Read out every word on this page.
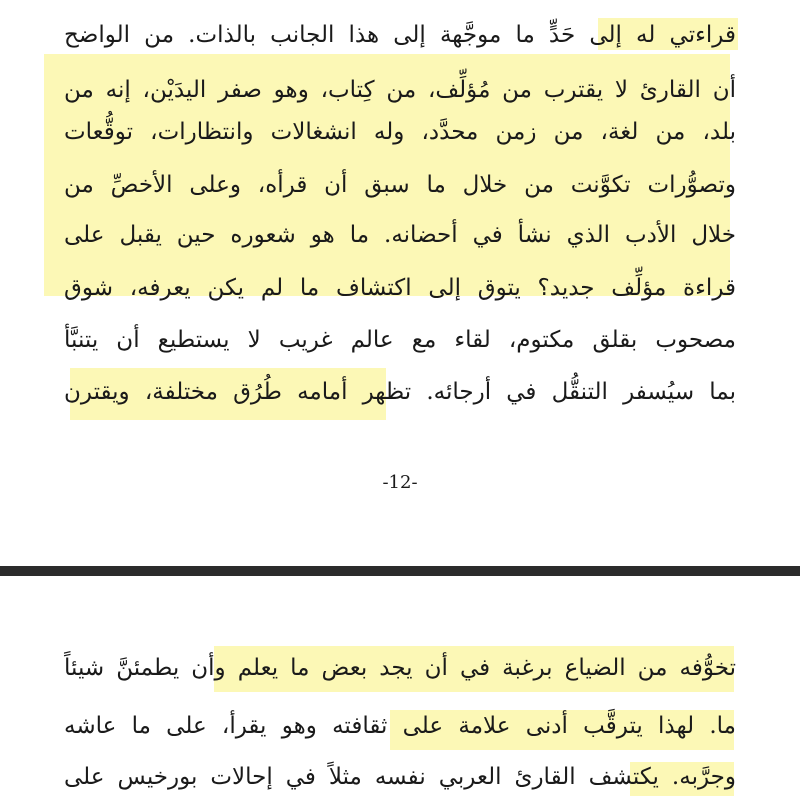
قراءتي له إلى حَدٍّ ما موجَّهة إلى هذا الجانب بالذات. من الواضح
أن القارئ لا يقترب من مُؤلِّف، من كِتاب، وهو صفر اليدَيْن، إنه من
بلد، من لغة، من زمن محدَّد، وله انشغالات وانتظارات، توقُّعات
وتصوُّرات تكوَّنت من خلال ما سبق أن قرأه، وعلى الأخصِّ من
خلال الأدب الذي نشأ في أحضانه. ما هو شعوره حين يقبل على
قراءة مؤلِّف جديد؟ يتوق إلى اكتشاف ما لم يكن يعرفه، شوق
مصحوب بقلق مكتوم، لقاء مع عالم غريب لا يستطيع أن يتنبَّأ
بما سيُسفر التنقُّل في أرجائه. تظهر أمامه طُرُق مختلفة، ويقترن
-12-
تخوُّفه من الضياع برغبة في أن يجد بعض ما يعلم وأن يطمئنَّ شيئاً
ما. لهذا يترقَّب أدنى علامة على ثقافته وهو يقرأ، على ما عاشه
وجرَّبه. يكتشف القارئ العربي نفسه مثلاً في إحالات بورخيس على
